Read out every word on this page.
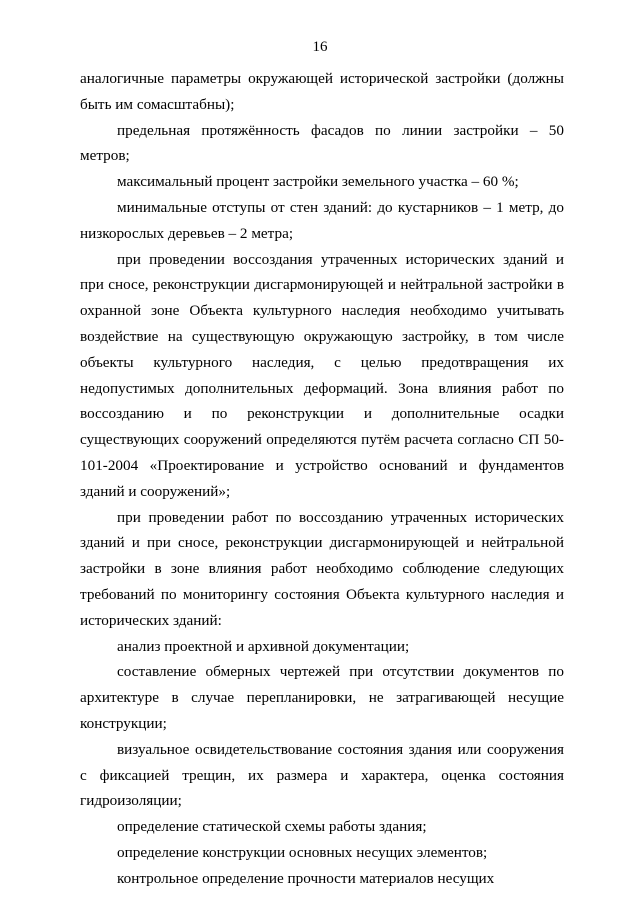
16

аналогичные параметры окружающей исторической застройки (должны быть им сомасштабны);

предельная протяжённость фасадов по линии застройки – 50 метров;

максимальный процент застройки земельного участка – 60 %;

минимальные отступы от стен зданий: до кустарников – 1 метр, до низкорослых деревьев – 2 метра;

при проведении воссоздания утраченных исторических зданий и при сносе, реконструкции дисгармонирующей и нейтральной застройки в охранной зоне Объекта культурного наследия необходимо учитывать воздействие на существующую окружающую застройку, в том числе объекты культурного наследия, с целью предотвращения их недопустимых дополнительных деформаций. Зона влияния работ по воссозданию и по реконструкции и дополнительные осадки существующих сооружений определяются путём расчета согласно СП 50-101-2004 «Проектирование и устройство оснований и фундаментов зданий и сооружений»;

при проведении работ по воссозданию утраченных исторических зданий и при сносе, реконструкции дисгармонирующей и нейтральной застройки в зоне влияния работ необходимо соблюдение следующих требований по мониторингу состояния Объекта культурного наследия и исторических зданий:

анализ проектной и архивной документации;

составление обмерных чертежей при отсутствии документов по архитектуре в случае перепланировки, не затрагивающей несущие конструкции;

визуальное освидетельствование состояния здания или сооружения с фиксацией трещин, их размера и характера, оценка состояния гидроизоляции;

определение статической схемы работы здания;

определение конструкции основных несущих элементов;

контрольное определение прочности материалов несущих
